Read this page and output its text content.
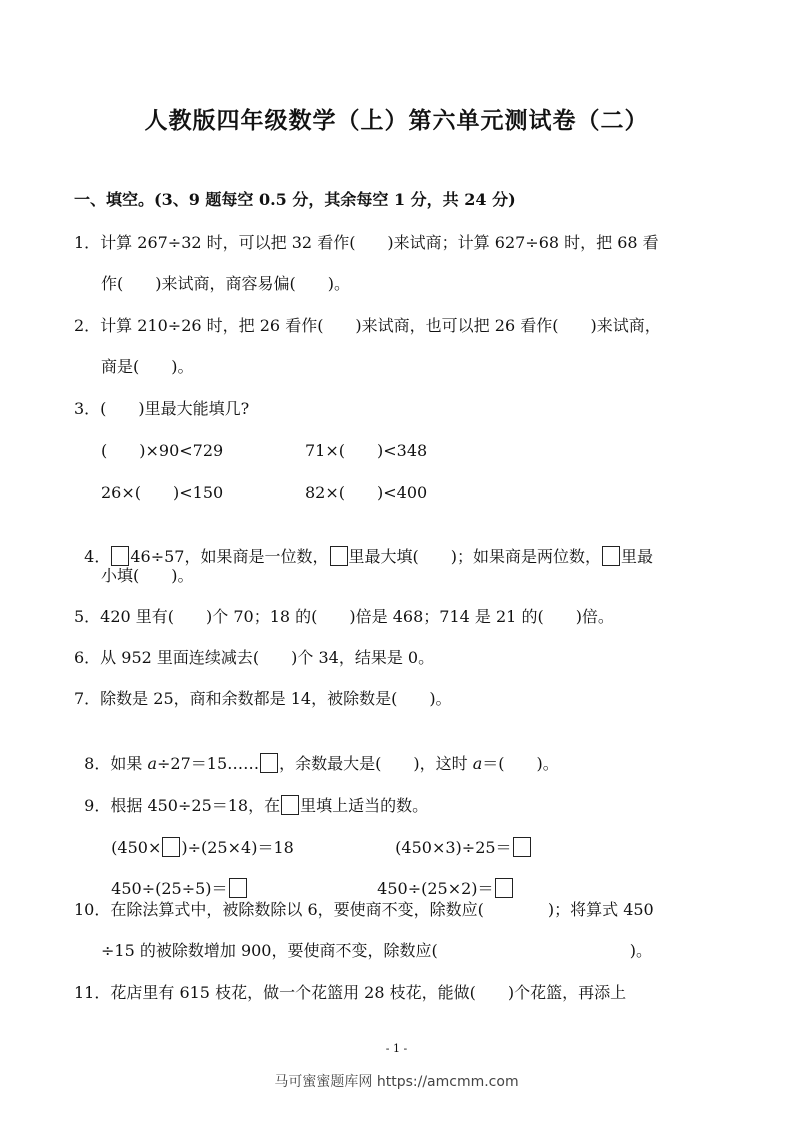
人教版四年级数学（上）第六单元测试卷（二）
一、填空。(3、9 题每空 0.5 分，其余每空 1 分，共 24 分)
1．计算 267÷32 时，可以把 32 看作(　　)来试商；计算 627÷68 时，把 68 看
作(　　)来试商，商容易偏(　　)。
2．计算 210÷26 时，把 26 看作(　　)来试商，也可以把 26 看作(　　)来试商，
商是(　　)。
3．(　　)里最大能填几?
(　　)×90<729	71×(　　)<348
26×(　　)<150	82×(　　)<400

4． 46÷57，如果商是一位数， 里最大填(　　)；如果商是两位数， 里最

小填(　　)。
5．420 里有(　　)个 70；18 的(　　)倍是 468；714 是 21 的(　　)倍。
6．从 952 里面连续减去(　　)个 34，结果是 0。
7．除数是 25，商和余数都是 14，被除数是(　　)。

8．如果 a÷27＝15…… ，余数最大是(　　)，这时 a＝(　　)。

9．根据 450÷25＝18，在 里填上适当的数。

(450× )÷(25×4)＝18	(450×3)÷25＝

450÷(25÷5)＝	450÷(25×2)＝

10．在除法算式中，被除数除以 6，要使商不变，除数应(　　　　)；将算式 450
÷15 的被除数增加 900，要使商不变，除数应(　　　　　　　　　　　　)。
11．花店里有 615 枝花，做一个花篮用 28 枝花，能做(　　)个花篮，再添上
- 1 -
马可蜜蜜题库网 https://amcmm.com
